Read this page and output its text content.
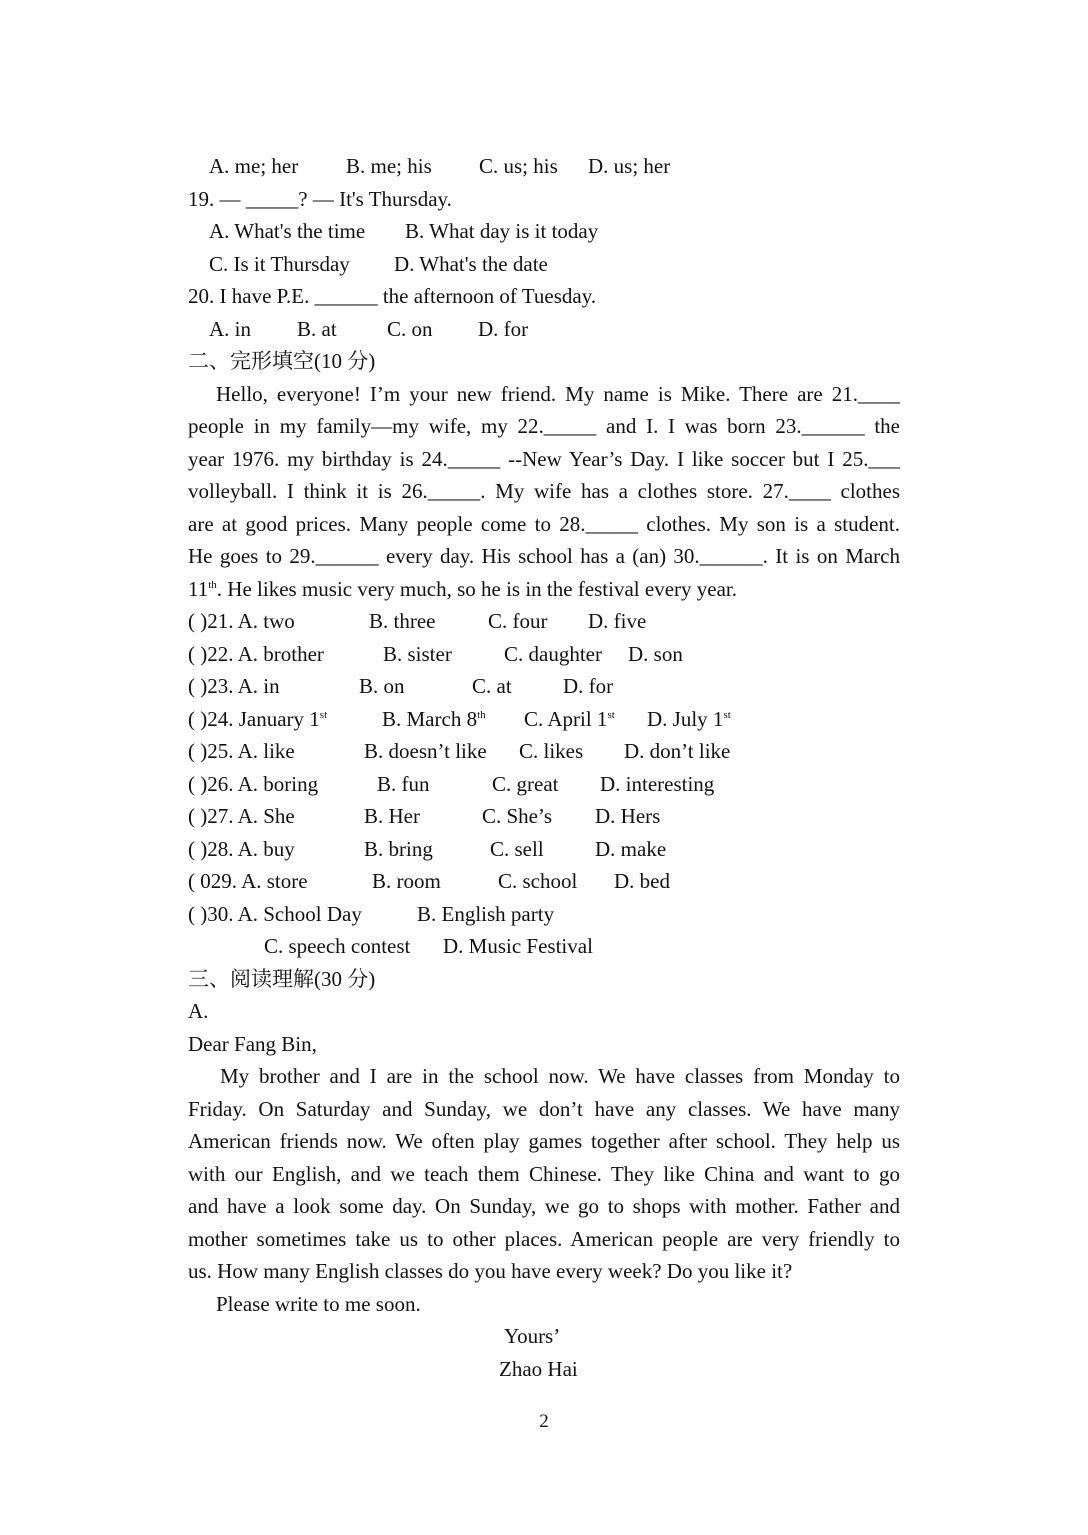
A. me; her B. me; his C. us; his D. us; her
19. — _____? — It's Thursday.
A. What's the time B. What day is it today
C. Is it Thursday D. What's the date
20. I have P.E. ______ the afternoon of Tuesday.
A. in B. at C. on D. for
二、完形填空(10 分)
Hello, everyone! I’m your new friend. My name is Mike. There are 21.____
people in my family—my wife, my 22._____ and I. I was born 23.______ the
year 1976. my birthday is 24._____ --New Year’s Day. I like soccer but I 25.___
volleyball. I think it is 26._____. My wife has a clothes store. 27.____ clothes
are at good prices. Many people come to 28._____ clothes. My son is a student.
He goes to 29.______ every day. His school has a (an) 30.______. It is on March
11th. He likes music very much, so he is in the festival every year.
( )21. A. two	B. three	C. four D. five
( )22. A. brother	B. sister C. daughter D. son
( )23. A. in	B. on	C. at D. for
( )24. January 1st	B. March 8th C. April 1st D. July 1st
( )25. A. like	B. doesn’t like C. likes D. don’t like
( )26. A. boring	B. fun	C. great D. interesting
( )27. A. She	B. Her	C. She’s D. Hers
( )28. A. buy	B. bring	C. sell D. make
( 029. A. store	B. room	C. school D. bed
( )30. A. School Day	B. English party
C. speech contest D. Music Festival
三、阅读理解(30 分)
A.
Dear Fang Bin,
My brother and I are in the school now. We have classes from Monday to
Friday. On Saturday and Sunday, we don’t have any classes. We have many
American friends now. We often play games together after school. They help us
with our English, and we teach them Chinese. They like China and want to go
and have a look some day. On Sunday, we go to shops with mother. Father and
mother sometimes take us to other places. American people are very friendly to
us. How many English classes do you have every week? Do you like it?
Please write to me soon.
Yours’
Zhao Hai
2
